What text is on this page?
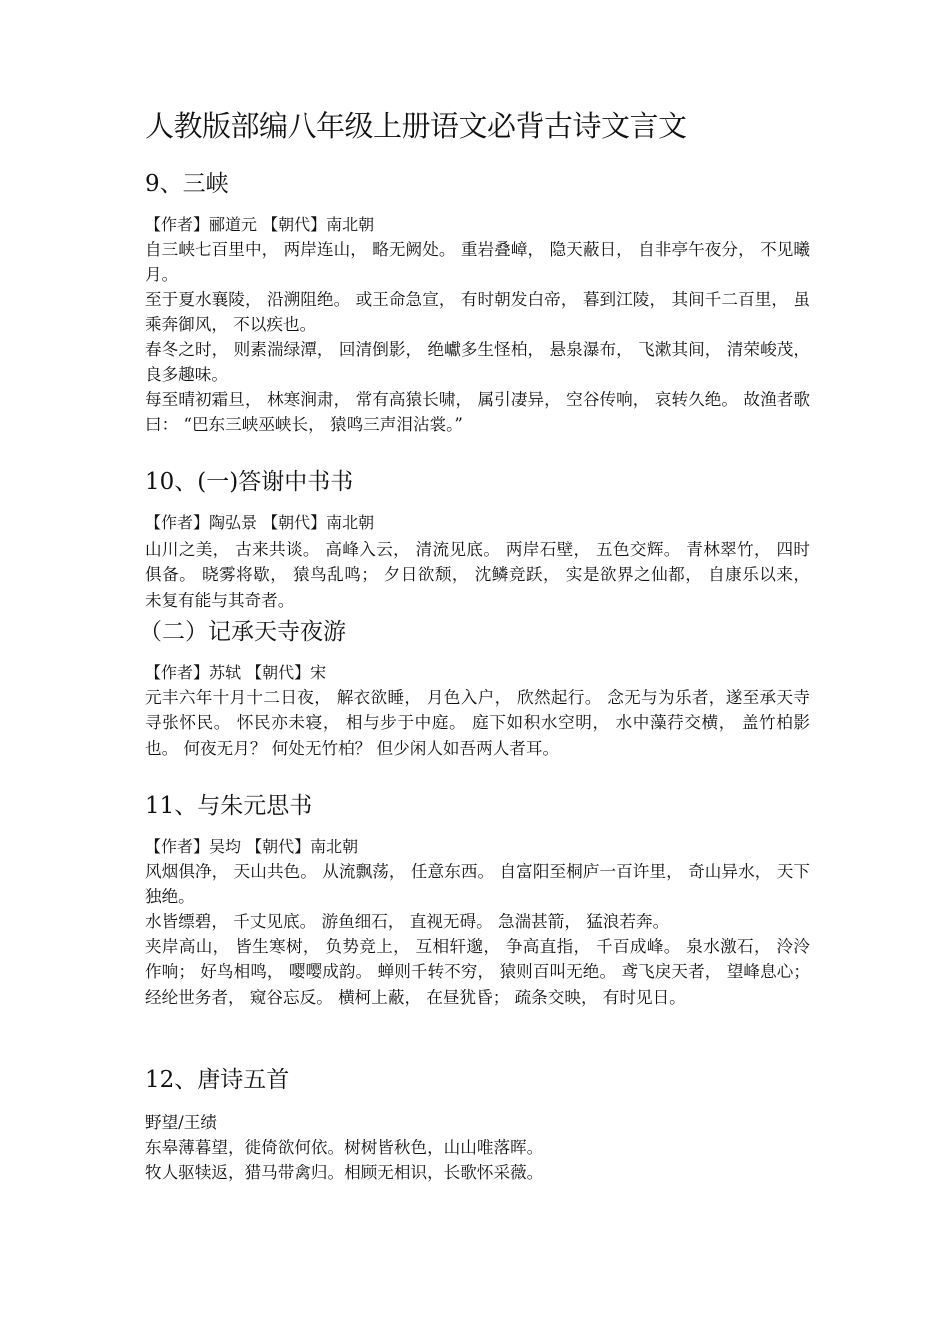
人教版部编八年级上册语文必背古诗文言文
9、三峡
【作者】郦道元 【朝代】南北朝
自三峡七百里中， 两岸连山， 略无阙处。 重岩叠嶂， 隐天蔽日， 自非亭午夜分， 不见曦月。
至于夏水襄陵， 沿溯阻绝。 或王命急宣， 有时朝发白帝， 暮到江陵， 其间千二百里， 虽乘奔御风， 不以疾也。
春冬之时， 则素湍绿潭， 回清倒影， 绝巘多生怪柏， 悬泉瀑布， 飞漱其间， 清荣峻茂， 良多趣味。
每至晴初霜旦， 林寒涧肃， 常有高猿长啸， 属引凄异， 空谷传响， 哀转久绝。 故渔者歌曰： “巴东三峡巫峡长， 猿鸣三声泪沾裳。”
10、(一)答谢中书书
【作者】陶弘景 【朝代】南北朝
山川之美， 古来共谈。 高峰入云， 清流见底。 两岸石壁， 五色交辉。 青林翠竹， 四时俱备。 晓雾将歇， 猿鸟乱鸣； 夕日欲颓， 沈鳞竞跃， 实是欲界之仙都， 自康乐以来， 未复有能与其奇者。
（二）记承天寺夜游
【作者】苏轼 【朝代】宋
元丰六年十月十二日夜， 解衣欲睡， 月色入户， 欣然起行。 念无与为乐者，遂至承天寺寻张怀民。 怀民亦未寝， 相与步于中庭。 庭下如积水空明， 水中藻荇交横， 盖竹柏影也。 何夜无月？ 何处无竹柏？ 但少闲人如吾两人者耳。
11、与朱元思书
【作者】吴均 【朝代】南北朝
风烟俱净， 天山共色。 从流飘荡， 任意东西。 自富阳至桐庐一百许里， 奇山异水， 天下独绝。
水皆缥碧， 千丈见底。 游鱼细石， 直视无碍。 急湍甚箭， 猛浪若奔。
夹岸高山， 皆生寒树， 负势竞上， 互相轩邈， 争高直指， 千百成峰。 泉水激石， 泠泠作响； 好鸟相鸣， 嘤嘤成韵。 蝉则千转不穷， 猿则百叫无绝。 鸢飞戾天者， 望峰息心； 经纶世务者， 窥谷忘反。 横柯上蔽， 在昼犹昏； 疏条交映， 有时见日。
12、唐诗五首
野望/王绩
东皋薄暮望，徙倚欲何依。树树皆秋色，山山唯落晖。
牧人驱犊返，猎马带禽归。相顾无相识，长歌怀采薇。
